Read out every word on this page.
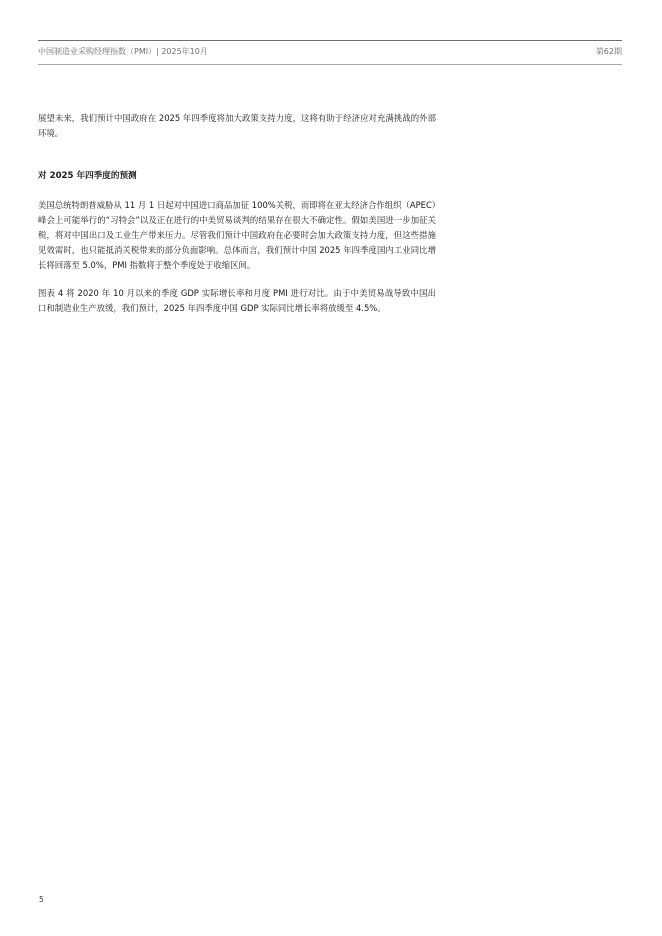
中国制造业采购经理指数（PMI）| 2025年10月	第62期

展望未来，我们预计中国政府在 2025 年四季度将加大政策支持力度，这将有助于经济应对充满挑战的外部环境。

对 2025 年四季度的预测

美国总统特朗普威胁从 11 月 1 日起对中国进口商品加征 100%关税，而即将在亚太经济合作组织（APEC）峰会上可能举行的“习特会”以及正在进行的中美贸易谈判的结果存在很大不确定性。假如美国进一步加征关税，将对中国出口及工业生产带来压力。尽管我们预计中国政府在必要时会加大政策支持力度，但这些措施见效需时，也只能抵消关税带来的部分负面影响。总体而言，我们预计中国 2025 年四季度国内工业同比增长将回落至 5.0%，PMI 指数将于整个季度处于收缩区间。

图表 4 将 2020 年 10 月以来的季度 GDP 实际增长率和月度 PMI 进行对比。由于中美贸易战导致中国出口和制造业生产放缓，我们预计，2025 年四季度中国 GDP 实际同比增长率将放缓至 4.5%。

5
